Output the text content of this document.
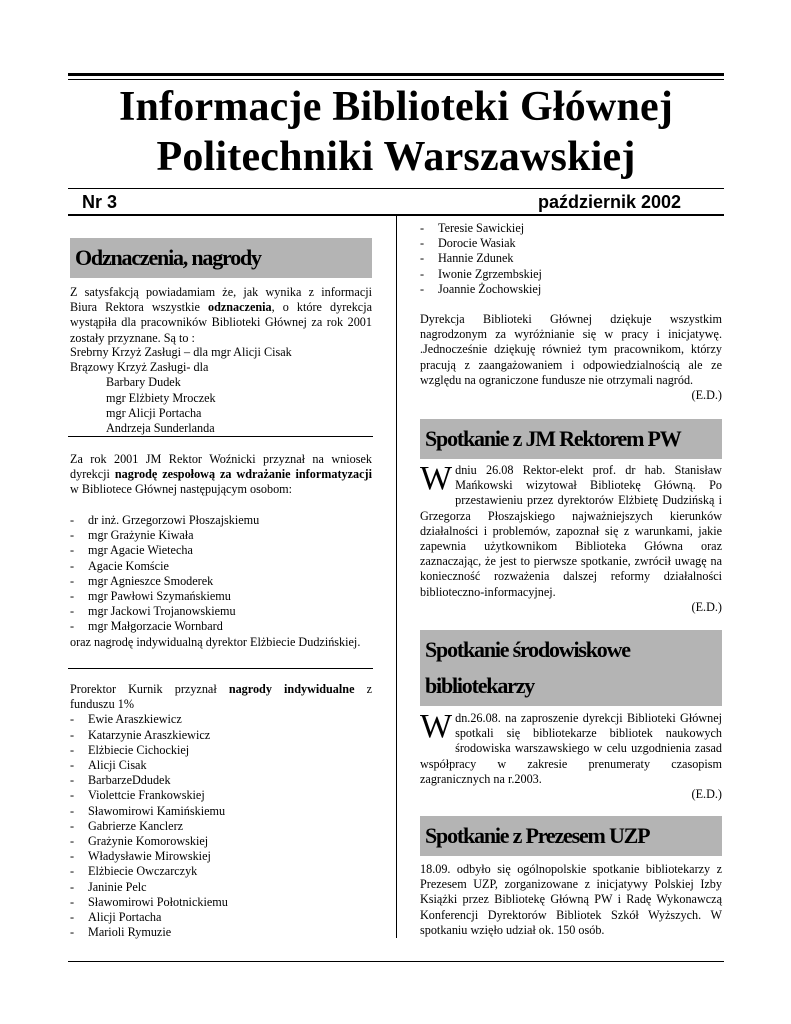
Informacje Biblioteki Głównej
Politechniki Warszawskiej
Nr 3	październik 2002
Odznaczenia, nagrody

Z satysfakcją powiadamiam że, jak wynika z informacji Biura Rektora wszystkie odznaczenia, o które dyrekcja wystąpiła dla pracowników Biblioteki Głównej za rok 2001 zostały przyznane. Są to :

Srebrny Krzyż Zasługi – dla mgr Alicji Cisak

Brązowy Krzyż Zasługi- dla

Barbary Dudek

mgr Elżbiety Mroczek

mgr Alicji Portacha

Andrzeja Sunderlanda

Za rok 2001 JM Rektor Woźnicki przyznał na wniosek dyrekcji nagrodę zespołową za wdrażanie informatyzacji w Bibliotece Głównej następującym osobom:

- dr inż. Grzegorzowi Płoszajskiemu
- mgr Grażynie Kiwała
- mgr Agacie Wietecha
- Agacie Komście
- mgr Agnieszce Smoderek
- mgr Pawłowi Szymańskiemu
- mgr Jackowi Trojanowskiemu
- mgr Małgorzacie Wornbard

oraz nagrodę indywidualną dyrektor Elżbiecie Dudzińskiej.

Prorektor Kurnik przyznał nagrody indywidualne z funduszu 1%

- Ewie Araszkiewicz
- Katarzynie Araszkiewicz
- Elżbiecie Cichockiej
- Alicji Cisak
- BarbarzeDdudek
- Violettcie Frankowskiej
- Sławomirowi Kamińskiemu
- Gabrierze Kanclerz
- Grażynie Komorowskiej
- Władysławie Mirowskiej
- Elżbiecie Owczarczyk
- Janinie Pelc
- Sławomirowi Połotnickiemu
- Alicji Portacha
- Marioli Rymuzie
- Teresie Sawickiej
- Dorocie Wasiak
- Hannie Zdunek
- Iwonie Zgrzembskiej
- Joannie Żochowskiej

Dyrekcja Biblioteki Głównej dziękuje wszystkim nagrodzonym za wyróżnianie się w pracy i inicjatywę. .Jednocześnie dziękuję również tym pracownikom, którzy pracują z zaangażowaniem i odpowiedzialnością ale ze względu na ograniczone fundusze nie otrzymali nagród.

(E.D.)

Spotkanie z JM Rektorem PW

Wdniu 26.08 Rektor-elekt prof. dr hab. Stanisław Mańkowski wizytował Bibliotekę Główną. Po przestawieniu przez dyrektorów Elżbietę Dudzińską i Grzegorza Płoszajskiego najważniejszych kierunków działalności i problemów, zapoznał się z warunkami, jakie zapewnia użytkownikom Biblioteka Główna oraz zaznaczając, że jest to pierwsze spotkanie, zwrócił uwagę na konieczność rozważenia dalszej reformy działalności biblioteczno-informacyjnej.

(E.D.)

Spotkanie środowiskowe
bibliotekarzy

Wdn.26.08. na zaproszenie dyrekcji Biblioteki Głównej spotkali się bibliotekarze bibliotek naukowych środowiska warszawskiego w celu uzgodnienia zasad współpracy w zakresie prenumeraty czasopism zagranicznych na r.2003.

(E.D.)

Spotkanie z Prezesem UZP

18.09. odbyło się ogólnopolskie spotkanie bibliotekarzy z Prezesem UZP, zorganizowane z inicjatywy Polskiej Izby Książki przez Bibliotekę Główną PW i Radę Wykonawczą Konferencji Dyrektorów Bibliotek Szkół Wyższych. W spotkaniu wzięło udział ok. 150 osób.
